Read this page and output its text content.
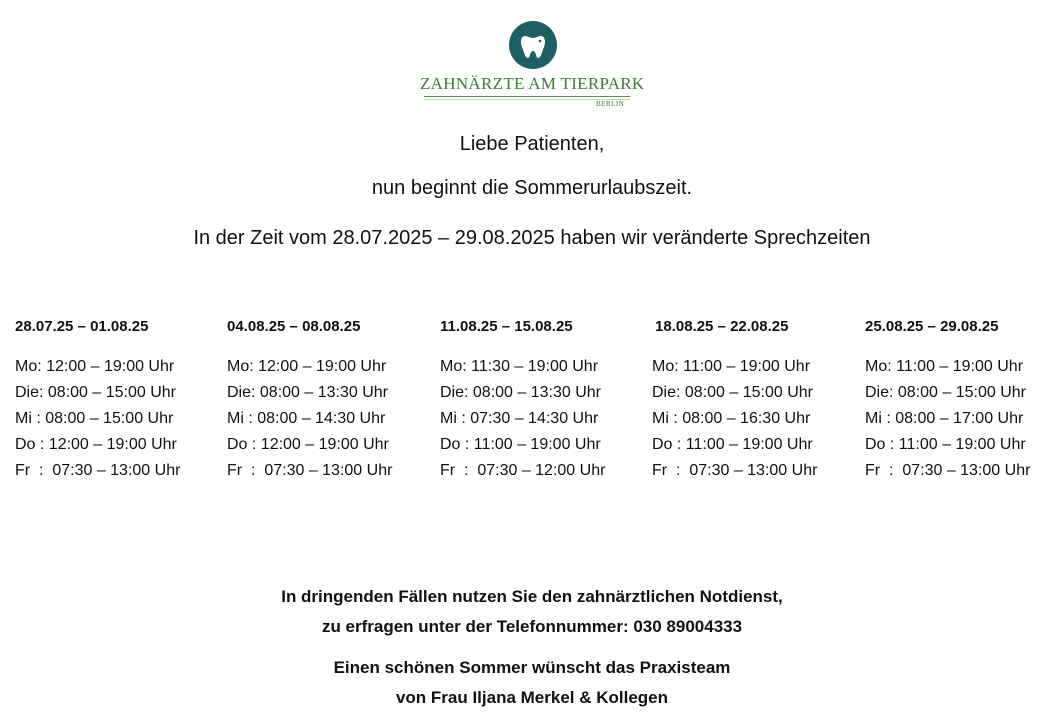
ZAHNÄRZTE AM TIERPARK
BERLIN
Liebe Patienten,
nun beginnt die Sommerurlaubszeit.
In der Zeit vom 28.07.2025 – 29.08.2025 haben wir veränderte Sprechzeiten
28.07.25 – 01.08.25
Mo: 12:00 – 19:00 Uhr
Die: 08:00 – 15:00 Uhr
Mi : 08:00 – 15:00 Uhr
Do : 12:00 – 19:00 Uhr
Fr  :  07:30 – 13:00 Uhr
04.08.25 – 08.08.25
Mo: 12:00 – 19:00 Uhr
Die: 08:00 – 13:30 Uhr
Mi : 08:00 – 14:30 Uhr
Do : 12:00 – 19:00 Uhr
Fr  :  07:30 – 13:00 Uhr
11.08.25 – 15.08.25
Mo: 11:30 – 19:00 Uhr
Die: 08:00 – 13:30 Uhr
Mi : 07:30 – 14:30 Uhr
Do : 11:00 – 19:00 Uhr
Fr  :  07:30 – 12:00 Uhr
18.08.25 – 22.08.25
Mo: 11:00 – 19:00 Uhr
Die: 08:00 – 15:00 Uhr
Mi : 08:00 – 16:30 Uhr
Do : 11:00 – 19:00 Uhr
Fr  :  07:30 – 13:00 Uhr
25.08.25 – 29.08.25
Mo: 11:00 – 19:00 Uhr
Die: 08:00 – 15:00 Uhr
Mi : 08:00 – 17:00 Uhr
Do : 11:00 – 19:00 Uhr
Fr  :  07:30 – 13:00 Uhr
In dringenden Fällen nutzen Sie den zahnärztlichen Notdienst,
zu erfragen unter der Telefonnummer: 030 89004333
Einen schönen Sommer wünscht das Praxisteam
von Frau Iljana Merkel & Kollegen
